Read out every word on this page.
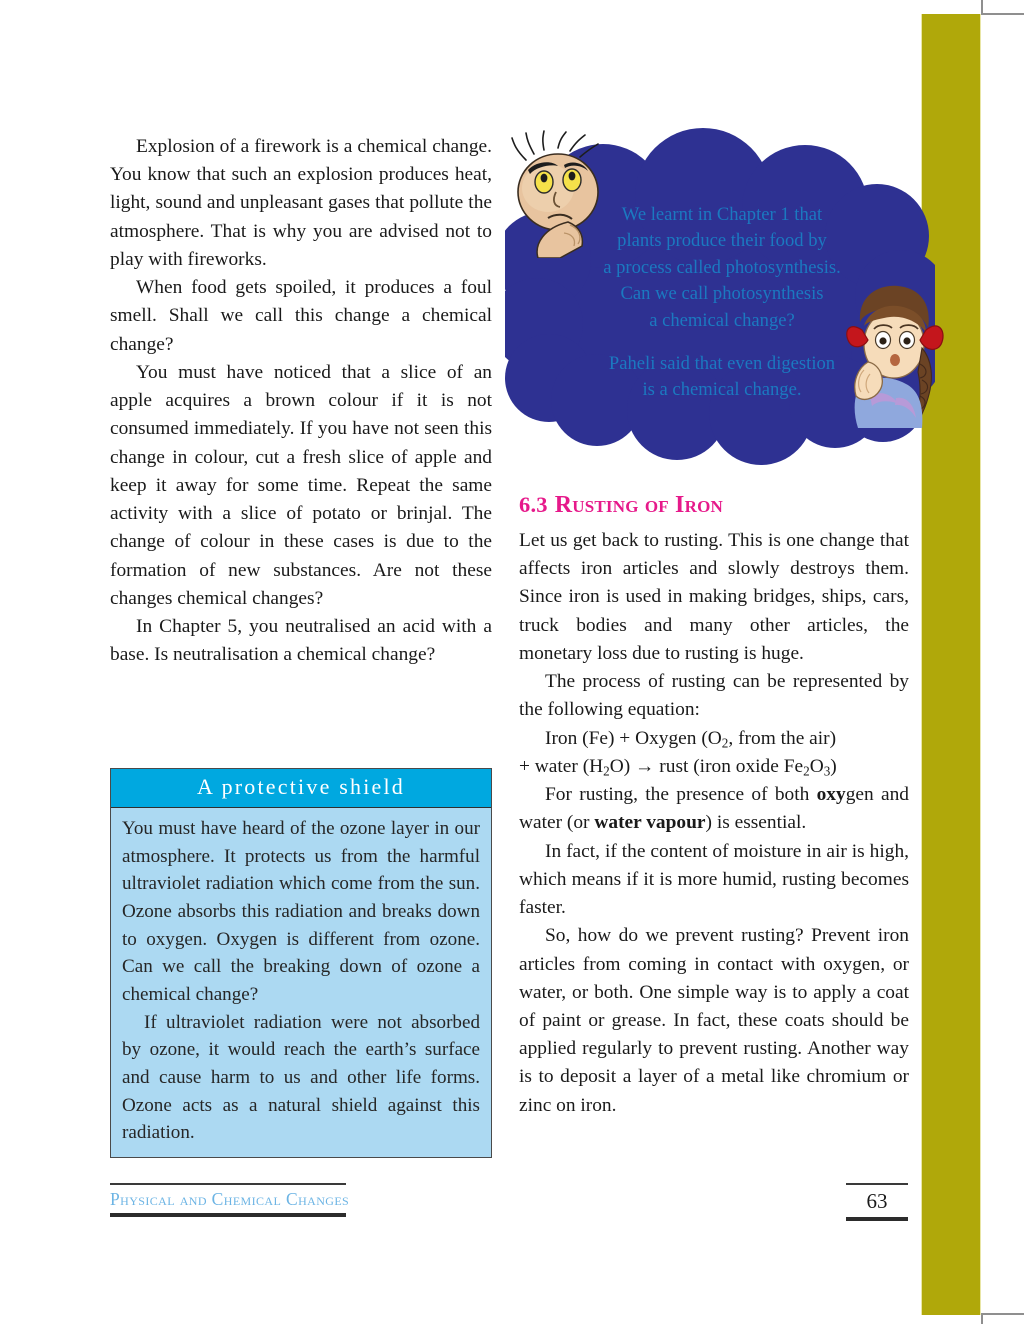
Explosion of a firework is a chemical change. You know that such an explosion produces heat, light, sound and unpleasant gases that pollute the atmosphere. That is why you are advised not to play with fireworks.

When food gets spoiled, it produces a foul smell. Shall we call this change a chemical change?

You must have noticed that a slice of an apple acquires a brown colour if it is not consumed immediately. If you have not seen this change in colour, cut a fresh slice of apple and keep it away for some time. Repeat the same activity with a slice of potato or brinjal. The change of colour in these cases is due to the formation of new substances. Are not these changes chemical changes?

In Chapter 5, you neutralised an acid with a base. Is neutralisation a chemical change?

We learnt in Chapter 1 that
plants produce their food by
a process called photosynthesis.
Can we call photosynthesis
a chemical change?
Paheli said that even digestion
is a chemical change.
6.3 Rusting of Iron

Let us get back to rusting. This is one change that affects iron articles and slowly destroys them. Since iron is used in making bridges, ships, cars, truck bodies and many other articles, the monetary loss due to rusting is huge.

The process of rusting can be represented by the following equation:

Iron (Fe) + Oxygen ($O_2$, from the air)

+ water $(H_2O)$ → rust (iron oxide $Fe_2O_3$)

For rusting, the presence of both oxygen and water (or water vapour) is essential.

In fact, if the content of moisture in air is high, which means if it is more humid, rusting becomes faster.

So, how do we prevent rusting? Prevent iron articles from coming in contact with oxygen, or water, or both. One simple way is to apply a coat of paint or grease. In fact, these coats should be applied regularly to prevent rusting. Another way is to deposit a layer of a metal like chromium or zinc on iron.

A protective shield

You must have heard of the ozone layer in our atmosphere. It protects us from the harmful ultraviolet radiation which come from the sun. Ozone absorbs this radiation and breaks down to oxygen. Oxygen is different from ozone. Can we call the breaking down of ozone a chemical change?

If ultraviolet radiation were not absorbed by ozone, it would reach the earth’s surface and cause harm to us and other life forms. Ozone acts as a natural shield against this radiation.

Physical and Chemical Changes	63
